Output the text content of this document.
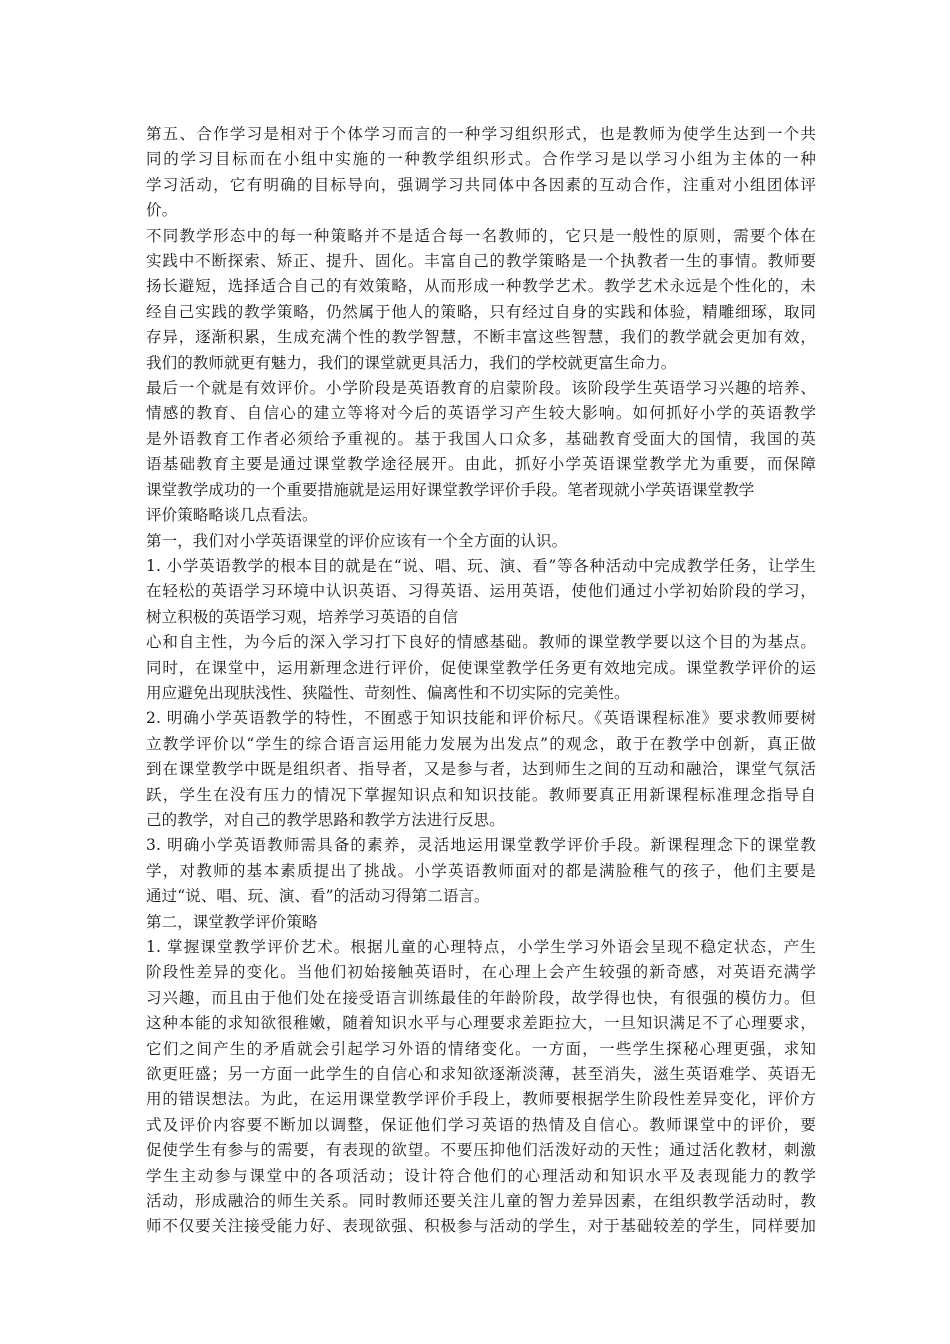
第五、合作学习是相对于个体学习而言的一种学习组织形式，也是教师为使学生达到一个共
同的学习目标而在小组中实施的一种教学组织形式。合作学习是以学习小组为主体的一种
学习活动，它有明确的目标导向，强调学习共同体中各因素的互动合作，注重对小组团体评
价。
不同教学形态中的每一种策略并不是适合每一名教师的，它只是一般性的原则，需要个体在
实践中不断探索、矫正、提升、固化。丰富自己的教学策略是一个执教者一生的事情。教师要
扬长避短，选择适合自己的有效策略，从而形成一种教学艺术。教学艺术永远是个性化的，未
经自己实践的教学策略，仍然属于他人的策略，只有经过自身的实践和体验，精雕细琢，取同
存异，逐渐积累，生成充满个性的教学智慧，不断丰富这些智慧，我们的教学就会更加有效，
我们的教师就更有魅力，我们的课堂就更具活力，我们的学校就更富生命力。
最后一个就是有效评价。小学阶段是英语教育的启蒙阶段。该阶段学生英语学习兴趣的培养、
情感的教育、自信心的建立等将对今后的英语学习产生较大影响。如何抓好小学的英语教学
是外语教育工作者必须给予重视的。基于我国人口众多，基础教育受面大的国情，我国的英
语基础教育主要是通过课堂教学途径展开。由此，抓好小学英语课堂教学尤为重要，而保障
课堂教学成功的一个重要措施就是运用好课堂教学评价手段。笔者现就小学英语课堂教学
评价策略略谈几点看法。
第一，我们对小学英语课堂的评价应该有一个全方面的认识。
1. 小学英语教学的根本目的就是在“说、唱、玩、演、看”等各种活动中完成教学任务，让学生
在轻松的英语学习环境中认识英语、习得英语、运用英语，使他们通过小学初始阶段的学习，
树立积极的英语学习观，培养学习英语的自信
心和自主性，为今后的深入学习打下良好的情感基础。教师的课堂教学要以这个目的为基点。
同时，在课堂中，运用新理念进行评价，促使课堂教学任务更有效地完成。课堂教学评价的运
用应避免出现肤浅性、狭隘性、苛刻性、偏离性和不切实际的完美性。
2. 明确小学英语教学的特性，不囿惑于知识技能和评价标尺。《英语课程标准》要求教师要树
立教学评价以“学生的综合语言运用能力发展为出发点”的观念，敢于在教学中创新，真正做
到在课堂教学中既是组织者、指导者，又是参与者，达到师生之间的互动和融洽，课堂气氛活
跃，学生在没有压力的情况下掌握知识点和知识技能。教师要真正用新课程标准理念指导自
己的教学，对自己的教学思路和教学方法进行反思。
3. 明确小学英语教师需具备的素养，灵活地运用课堂教学评价手段。新课程理念下的课堂教
学，对教师的基本素质提出了挑战。小学英语教师面对的都是满脸稚气的孩子，他们主要是
通过“说、唱、玩、演、看”的活动习得第二语言。
第二，课堂教学评价策略
1. 掌握课堂教学评价艺术。根据儿童的心理特点，小学生学习外语会呈现不稳定状态，产生
阶段性差异的变化。当他们初始接触英语时，在心理上会产生较强的新奇感，对英语充满学
习兴趣，而且由于他们处在接受语言训练最佳的年龄阶段，故学得也快，有很强的模仿力。但
这种本能的求知欲很稚嫩，随着知识水平与心理要求差距拉大，一旦知识满足不了心理要求，
它们之间产生的矛盾就会引起学习外语的情绪变化。一方面，一些学生探秘心理更强，求知
欲更旺盛；另一方面一此学生的自信心和求知欲逐渐淡薄，甚至消失，滋生英语难学、英语无
用的错误想法。为此，在运用课堂教学评价手段上，教师要根据学生阶段性差异变化，评价方
式及评价内容要不断加以调整，保证他们学习英语的热情及自信心。教师课堂中的评价，要
促使学生有参与的需要，有表现的欲望。不要压抑他们活泼好动的天性；通过活化教材，刺激
学生主动参与课堂中的各项活动；设计符合他们的心理活动和知识水平及表现能力的教学
活动，形成融洽的师生关系。同时教师还要关注儿童的智力差异因素，在组织教学活动时，教
师不仅要关注接受能力好、表现欲强、积极参与活动的学生，对于基础较差的学生，同样要加
